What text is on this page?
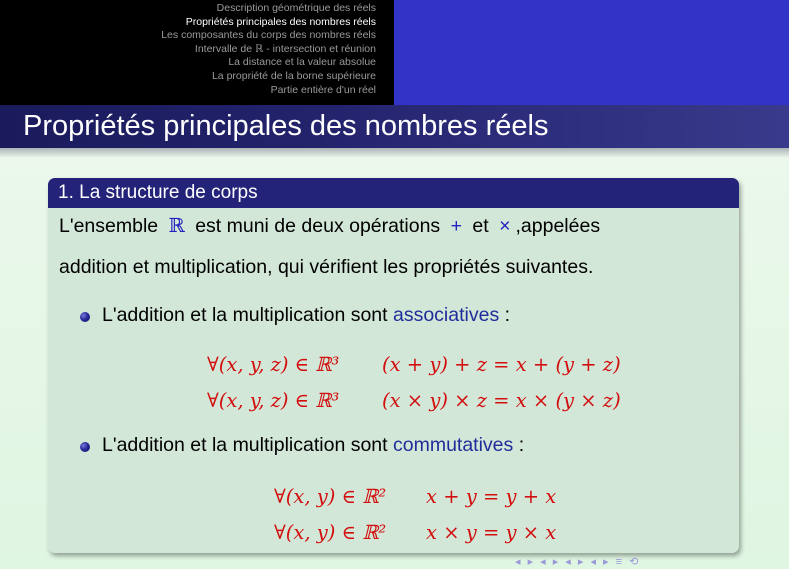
Description géométrique des réels
Propriétés principales des nombres réels
Les composantes du corps des nombres réels
Intervalle de ℝ - intersection et réunion
La distance et la valeur absolue
La propriété de la borne supérieure
Partie entière d'un réel
Propriétés principales des nombres réels
1. La structure de corps
L'ensemble ℝ est muni de deux opérations + et × ,appelées
addition et multiplication, qui vérifient les propriétés suivantes.
L'addition et la multiplication sont associatives :
∀(x, y, z) ∈ ℝ³ (x + y) + z = x + (y + z)
∀(x, y, z) ∈ ℝ³ (x × y) × z = x × (y × z)
L'addition et la multiplication sont commutatives :
∀(x, y) ∈ ℝ² x + y = y + x
∀(x, y) ∈ ℝ² x × y = y × x
◂ ▸ ◂ ▸ ◂ ▸ ◂ ▸ ≡ ⟲
